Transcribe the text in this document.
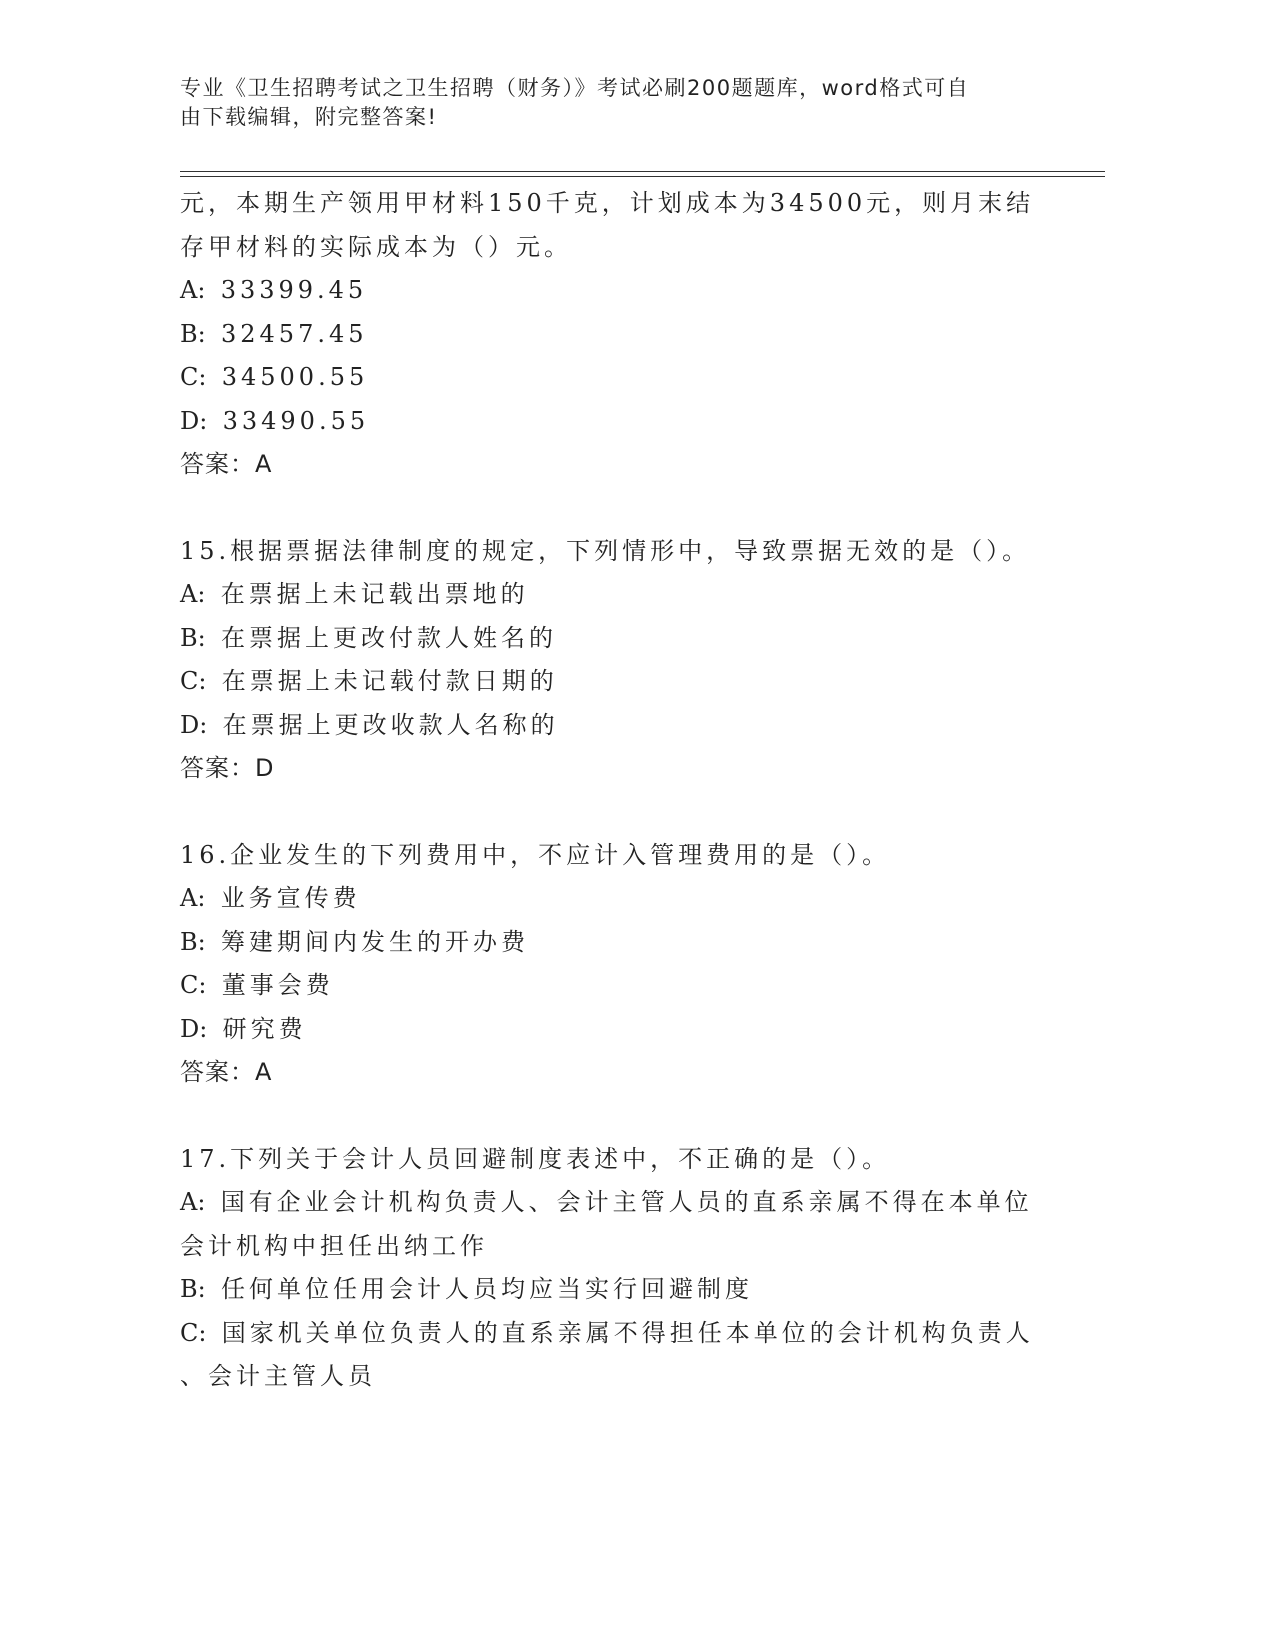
专业《卫生招聘考试之卫生招聘（财务）》考试必刷200题题库，word格式可自
由下载编辑，附完整答案!
元，本期生产领用甲材料150千克，计划成本为34500元，则月末结
存甲材料的实际成本为（）元。
A: 33399.45
B: 32457.45
C: 34500.55
D: 33490.55
答案：A
15.根据票据法律制度的规定，下列情形中，导致票据无效的是（）。
A: 在票据上未记载出票地的
B: 在票据上更改付款人姓名的
C: 在票据上未记载付款日期的
D: 在票据上更改收款人名称的
答案：D
16.企业发生的下列费用中，不应计入管理费用的是（）。
A: 业务宣传费
B: 筹建期间内发生的开办费
C: 董事会费
D: 研究费
答案：A
17.下列关于会计人员回避制度表述中，不正确的是（）。
A: 国有企业会计机构负责人、会计主管人员的直系亲属不得在本单位
会计机构中担任出纳工作
B: 任何单位任用会计人员均应当实行回避制度
C: 国家机关单位负责人的直系亲属不得担任本单位的会计机构负责人
、会计主管人员
